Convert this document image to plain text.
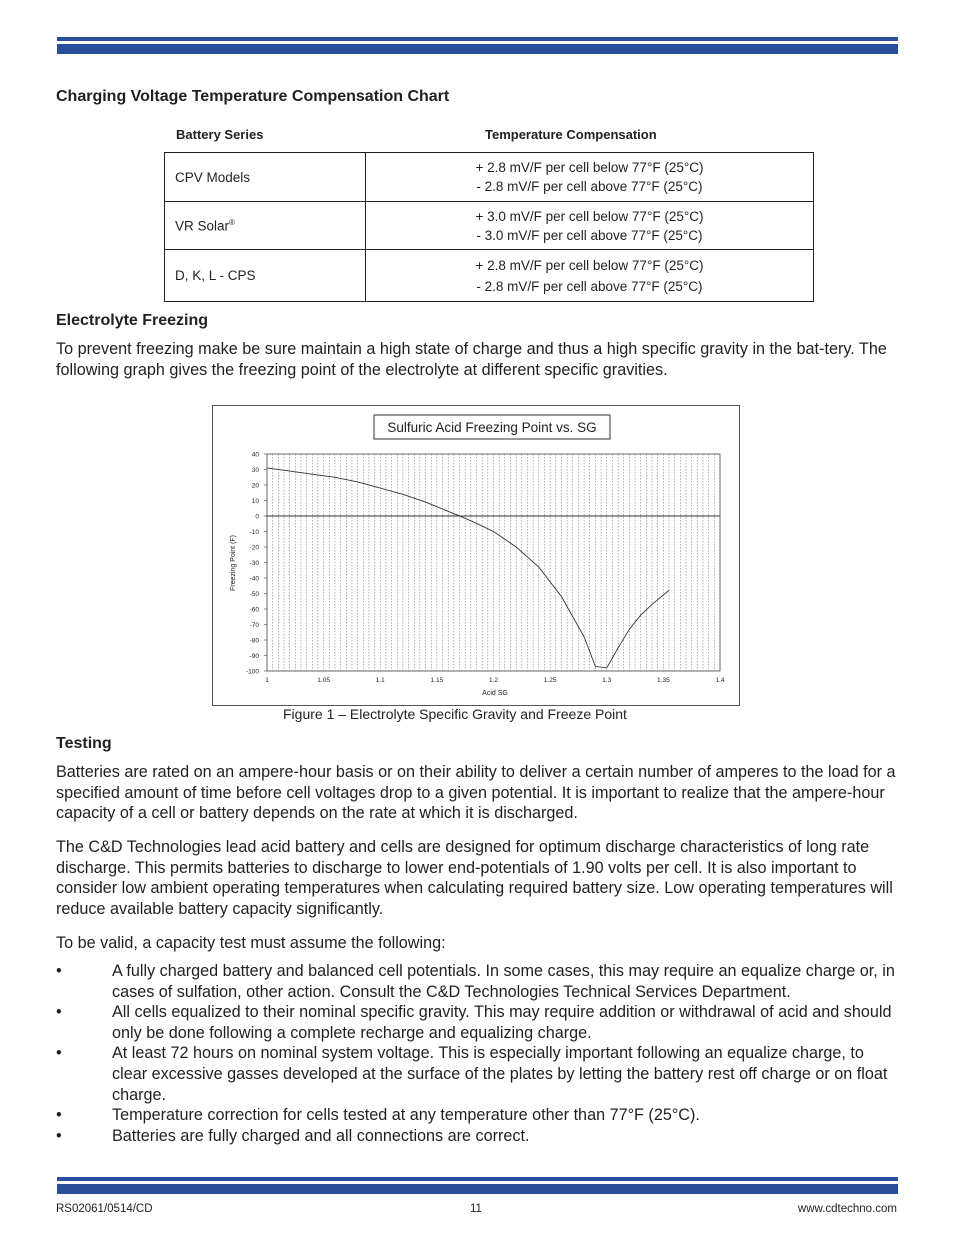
Charging Voltage Temperature Compensation Chart
Battery Series	Temperature Compensation
CPV Models	+ 2.8 mV/F per cell below 77°F (25°C)
- 2.8 mV/F per cell above 77°F (25°C)

VR Solar®	+ 3.0 mV/F per cell below 77°F (25°C)
- 3.0 mV/F per cell above 77°F (25°C)

D, K, L - CPS	+ 2.8 mV/F per cell below 77°F (25°C)
- 2.8 mV/F per cell above 77°F (25°C)
Electrolyte Freezing

To prevent freezing make be sure maintain a high state of charge and thus a high specific gravity in the bat-tery. The following graph gives the freezing point of the electrolyte at different specific gravities.

Sulfuric Acid Freezing Point vs. SG
40
30
20
10
0
-10
-20
-30
-40
-50
-60
-70
-80
-90
-100
1	1.05	1.1	1.15	1.2	1.25	1.3	1.35	1.4
Acid SG
Freezing Point (F)
Figure 1 – Electrolyte Specific Gravity and Freeze Point
Testing

Batteries are rated on an ampere-hour basis or on their ability to deliver a certain number of amperes to the load for a specified amount of time before cell voltages drop to a given potential. It is important to realize that the ampere-hour capacity of a cell or battery depends on the rate at which it is discharged.

The C&D Technologies lead acid battery and cells are designed for optimum discharge characteristics of long rate discharge. This permits batteries to discharge to lower end-potentials of 1.90 volts per cell. It is also important to consider low ambient operating temperatures when calculating required battery size. Low operating temperatures will reduce available battery capacity significantly.

To be valid, a capacity test must assume the following:

•	A fully charged battery and balanced cell potentials. In some cases, this may require an equalize charge or, in cases of sulfation, other action. Consult the C&D Technologies Technical Services Department.
•	All cells equalized to their nominal specific gravity. This may require addition or withdrawal of acid and should only be done following a complete recharge and equalizing charge.
•	At least 72 hours on nominal system voltage. This is especially important following an equalize charge, to clear excessive gasses developed at the surface of the plates by letting the battery rest off charge or on float charge.
•	Temperature correction for cells tested at any temperature other than 77°F (25°C).
•	Batteries are fully charged and all connections are correct.
RS02061/0514/CD	11	www.cdtechno.com
